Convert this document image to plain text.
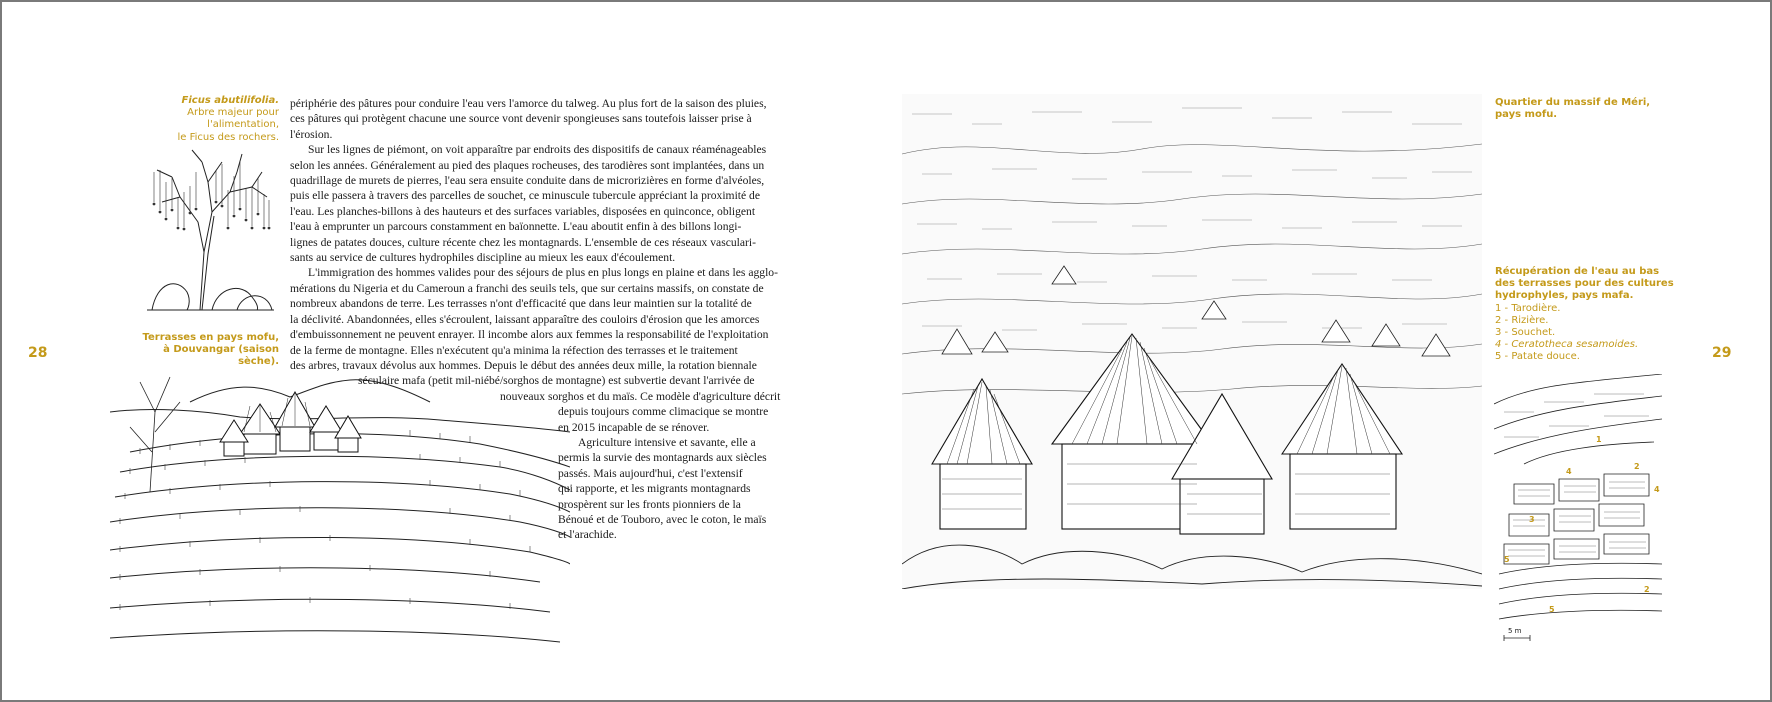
Ficus abutilifolia.
Arbre majeur pour l'alimentation,
le Ficus des rochers.
28
Terrasses en pays mofu,
à Douvangar (saison sèche).

périphérie des pâtures pour conduire l'eau vers l'amorce du talweg. Au plus fort de la saison des pluies,

ces pâtures qui protègent chacune une source vont devenir spongieuses sans toutefois laisser prise à

l'érosion.

Sur les lignes de piémont, on voit apparaître par endroits des dispositifs de canaux réaménageables

selon les années. Généralement au pied des plaques rocheuses, des tarodières sont implantées, dans un

quadrillage de murets de pierres, l'eau sera ensuite conduite dans de microrizières en forme d'alvéoles,

puis elle passera à travers des parcelles de souchet, ce minuscule tubercule appréciant la proximité de

l'eau. Les planches-billons à des hauteurs et des surfaces variables, disposées en quinconce, obligent

l'eau à emprunter un parcours constamment en baïonnette. L'eau aboutit enfin à des billons longi-

lignes de patates douces, culture récente chez les montagnards. L'ensemble de ces réseaux vasculari-

sants au service de cultures hydrophiles discipline au mieux les eaux d'écoulement.

L'immigration des hommes valides pour des séjours de plus en plus longs en plaine et dans les agglo-

mérations du Nigeria et du Cameroun a franchi des seuils tels, que sur certains massifs, on constate de

nombreux abandons de terre. Les terrasses n'ont d'efficacité que dans leur maintien sur la totalité de

la déclivité. Abandonnées, elles s'écroulent, laissant apparaître des couloirs d'érosion que les amorces

d'embuissonnement ne peuvent enrayer. Il incombe alors aux femmes la responsabilité de l'exploitation

de la ferme de montagne. Elles n'exécutent qu'a minima la réfection des terrasses et le traitement

des arbres, travaux dévolus aux hommes. Depuis le début des années deux mille, la rotation biennale

séculaire mafa (petit mil-niébé/sorghos de montagne) est subvertie devant l'arrivée de

nouveaux sorghos et du maïs. Ce modèle d'agriculture décrit

depuis toujours comme climacique se montre

en 2015 incapable de se rénover.

Agriculture intensive et savante, elle a

permis la survie des montagnards aux siècles

passés. Mais aujourd'hui, c'est l'extensif

qui rapporte, et les migrants montagnards

prospèrent sur les fronts pionniers de la

Bénoué et de Touboro, avec le coton, le maïs

et l'arachide.

Quartier du massif de Méri,
pays mofu.
Récupération de l'eau au bas
des terrasses pour des cultures
hydrophyles, pays mafa.
1 - Tarodière.
2 - Rizière.
3 - Souchet.
4 - Ceratotheca sesamoides.
5 - Patate douce.	29
1
2
4
4
3
5
2
5
5 m
